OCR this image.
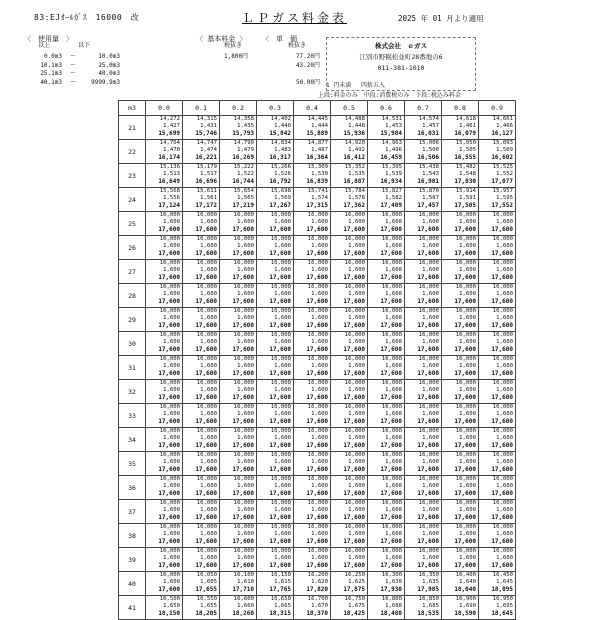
83:EJｵｰﾙｶﾞｽ　16000　改	ＬＰガス料金表	2025 年 01 月より適用
〈　使用量　〉
以上	以下
0.0m3	～	10.0m3
10.1m3	～	25.0m3
25.1m3	～	40.0m3
40.1m3	～	9999.9m3
〈 基本料金 〉
税抜き
1,800円
〈　単　価
税抜き
77.20円
43.20円
50.00円
株式会社　ｅガス
江別市野幌松並町28番地の6
011-381-1010
1 円未満　 四捨五入
上段:料金のみ　中段:消費税のみ　下段:税込み料金
m3	0.0	0.1	0.2	0.3	0.4	0.5	0.6	0.7	0.8	0.9
21	14,272
1,427
15,699	14,315
1,431
15,746	14,358
1,435
15,793	14,402
1,440
15,842	14,445
1,444
15,889	14,488
1,448
15,936	14,531
1,453
15,984	14,574
1,457
16,031	14,618
1,461
16,079	14,661
1,466
16,127

22	14,704
1,470
16,174	14,747
1,474
16,221	14,790
1,479
16,269	14,834
1,483
16,317	14,877
1,487
16,364	14,920
1,492
16,412	14,963
1,496
16,459	15,006
1,500
16,506	15,050
1,505
16,555	15,093
1,509
16,602

23	15,136
1,513
16,649	15,179
1,517
16,696	15,222
1,522
16,744	15,266
1,526
16,792	15,309
1,530
16,839	15,352
1,535
16,887	15,395
1,539
16,934	15,438
1,543
16,981	15,482
1,548
17,030	15,525
1,552
17,077

24	15,568
1,556
17,124	15,611
1,561
17,172	15,654
1,565
17,219	15,698
1,569
17,267	15,741
1,574
17,315	15,784
1,578
17,362	15,827
1,582
17,409	15,870
1,587
17,457	15,914
1,591
17,505	15,957
1,595
17,552

25	16,000
1,600
17,600	16,000
1,600
17,600	16,000
1,600
17,600	16,000
1,600
17,600	16,000
1,600
17,600	16,000
1,600
17,600	16,000
1,600
17,600	16,000
1,600
17,600	16,000
1,600
17,600	16,000
1,600
17,600

26	16,000
1,600
17,600	16,000
1,600
17,600	16,000
1,600
17,600	16,000
1,600
17,600	16,000
1,600
17,600	16,000
1,600
17,600	16,000
1,600
17,600	16,000
1,600
17,600	16,000
1,600
17,600	16,000
1,600
17,600

27	16,000
1,600
17,600	16,000
1,600
17,600	16,000
1,600
17,600	16,000
1,600
17,600	16,000
1,600
17,600	16,000
1,600
17,600	16,000
1,600
17,600	16,000
1,600
17,600	16,000
1,600
17,600	16,000
1,600
17,600

28	16,000
1,600
17,600	16,000
1,600
17,600	16,000
1,600
17,600	16,000
1,600
17,600	16,000
1,600
17,600	16,000
1,600
17,600	16,000
1,600
17,600	16,000
1,600
17,600	16,000
1,600
17,600	16,000
1,600
17,600

29	16,000
1,600
17,600	16,000
1,600
17,600	16,000
1,600
17,600	16,000
1,600
17,600	16,000
1,600
17,600	16,000
1,600
17,600	16,000
1,600
17,600	16,000
1,600
17,600	16,000
1,600
17,600	16,000
1,600
17,600

30	16,000
1,600
17,600	16,000
1,600
17,600	16,000
1,600
17,600	16,000
1,600
17,600	16,000
1,600
17,600	16,000
1,600
17,600	16,000
1,600
17,600	16,000
1,600
17,600	16,000
1,600
17,600	16,000
1,600
17,600

31	16,000
1,600
17,600	16,000
1,600
17,600	16,000
1,600
17,600	16,000
1,600
17,600	16,000
1,600
17,600	16,000
1,600
17,600	16,000
1,600
17,600	16,000
1,600
17,600	16,000
1,600
17,600	16,000
1,600
17,600

32	16,000
1,600
17,600	16,000
1,600
17,600	16,000
1,600
17,600	16,000
1,600
17,600	16,000
1,600
17,600	16,000
1,600
17,600	16,000
1,600
17,600	16,000
1,600
17,600	16,000
1,600
17,600	16,000
1,600
17,600

33	16,000
1,600
17,600	16,000
1,600
17,600	16,000
1,600
17,600	16,000
1,600
17,600	16,000
1,600
17,600	16,000
1,600
17,600	16,000
1,600
17,600	16,000
1,600
17,600	16,000
1,600
17,600	16,000
1,600
17,600

34	16,000
1,600
17,600	16,000
1,600
17,600	16,000
1,600
17,600	16,000
1,600
17,600	16,000
1,600
17,600	16,000
1,600
17,600	16,000
1,600
17,600	16,000
1,600
17,600	16,000
1,600
17,600	16,000
1,600
17,600

35	16,000
1,600
17,600	16,000
1,600
17,600	16,000
1,600
17,600	16,000
1,600
17,600	16,000
1,600
17,600	16,000
1,600
17,600	16,000
1,600
17,600	16,000
1,600
17,600	16,000
1,600
17,600	16,000
1,600
17,600

36	16,000
1,600
17,600	16,000
1,600
17,600	16,000
1,600
17,600	16,000
1,600
17,600	16,000
1,600
17,600	16,000
1,600
17,600	16,000
1,600
17,600	16,000
1,600
17,600	16,000
1,600
17,600	16,000
1,600
17,600

37	16,000
1,600
17,600	16,000
1,600
17,600	16,000
1,600
17,600	16,000
1,600
17,600	16,000
1,600
17,600	16,000
1,600
17,600	16,000
1,600
17,600	16,000
1,600
17,600	16,000
1,600
17,600	16,000
1,600
17,600

38	16,000
1,600
17,600	16,000
1,600
17,600	16,000
1,600
17,600	16,000
1,600
17,600	16,000
1,600
17,600	16,000
1,600
17,600	16,000
1,600
17,600	16,000
1,600
17,600	16,000
1,600
17,600	16,000
1,600
17,600

39	16,000
1,600
17,600	16,000
1,600
17,600	16,000
1,600
17,600	16,000
1,600
17,600	16,000
1,600
17,600	16,000
1,600
17,600	16,000
1,600
17,600	16,000
1,600
17,600	16,000
1,600
17,600	16,000
1,600
17,600

40	16,000
1,600
17,600	16,050
1,605
17,655	16,100
1,610
17,710	16,150
1,615
17,765	16,200
1,620
17,820	16,250
1,625
17,875	16,300
1,630
17,930	16,350
1,635
17,985	16,400
1,640
18,040	16,450
1,645
18,095

41	16,500
1,650
18,150	16,550
1,655
18,205	16,600
1,660
18,260	16,650
1,665
18,315	16,700
1,670
18,370	16,750
1,675
18,425	16,800
1,680
18,480	16,850
1,685
18,535	16,900
1,690
18,590	16,950
1,695
18,645
